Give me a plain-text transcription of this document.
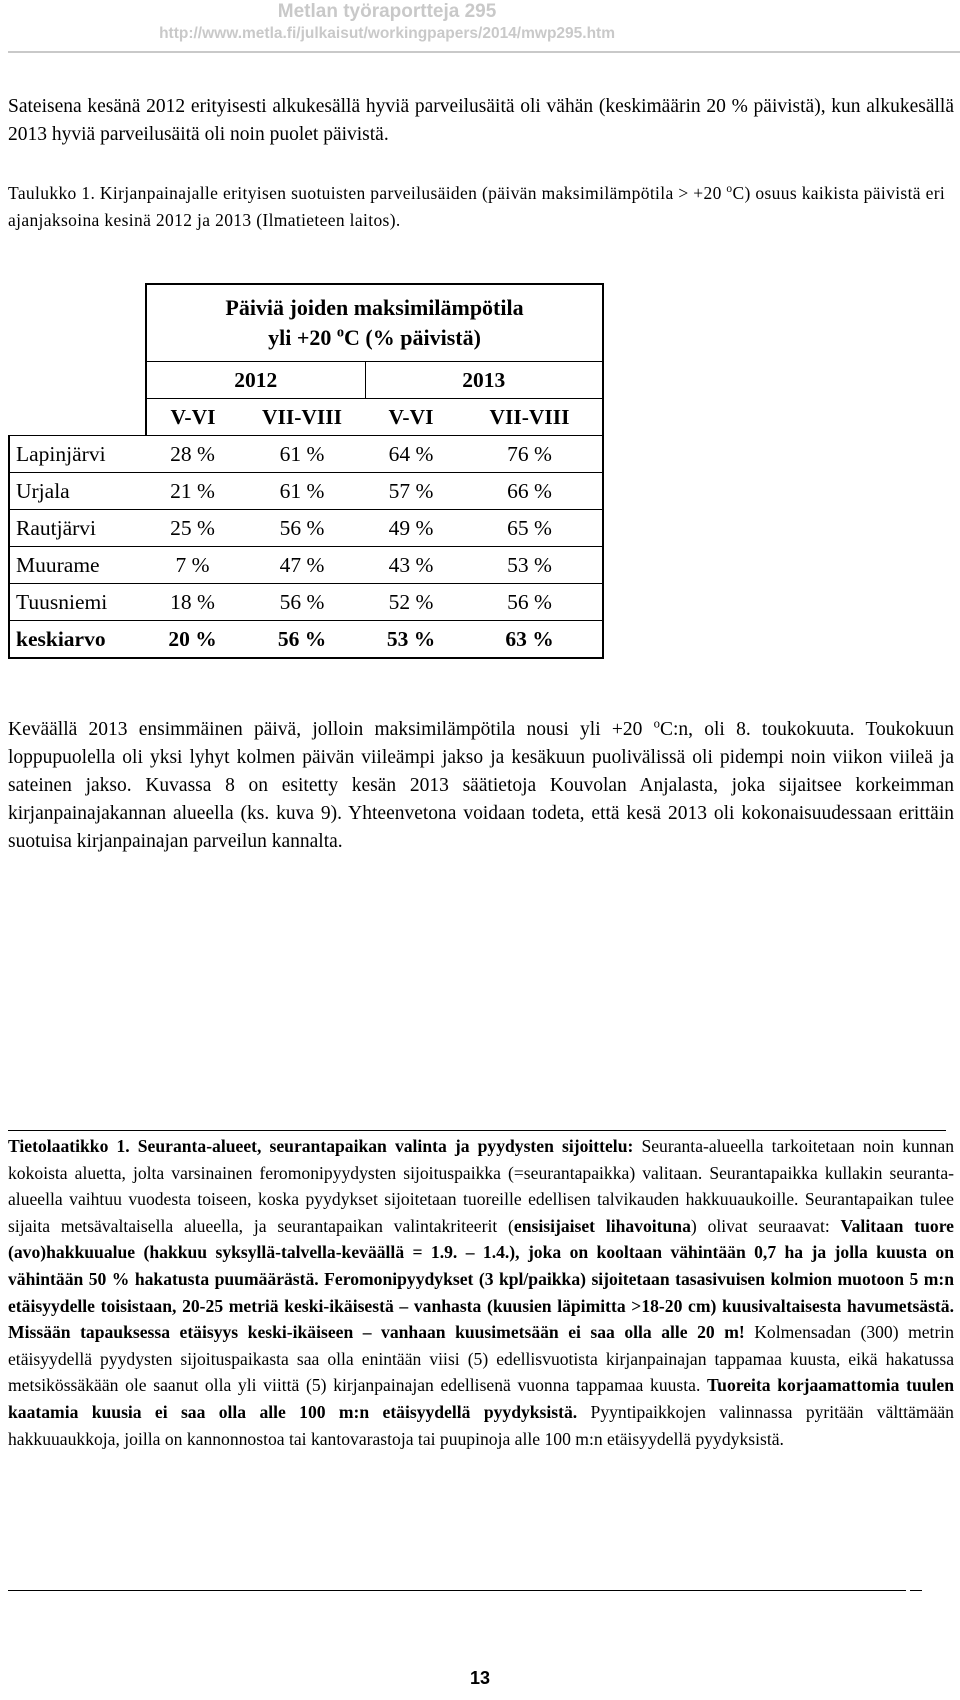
Metlan työraportteja 295
http://www.metla.fi/julkaisut/workingpapers/2014/mwp295.htm
Sateisena kesänä 2012 erityisesti alkukesällä hyviä parveilusäitä oli vähän (keskimäärin 20 % päivistä), kun alkukesällä 2013 hyviä parveilusäitä oli noin puolet päivistä.
Taulukko 1. Kirjanpainajalle erityisen suotuisten parveilusäiden (päivän maksimilämpötila > +20 $^o$C) osuus kaikista päivistä eri ajanjaksoina kesinä 2012 ja 2013 (Ilmatieteen laitos).

	Päiviä joiden maksimilämpötila
yli +20 $^o$C (% päivistä)			

	2012		2013	
	V-VI	VII-VIII	V-VI	VII-VIII
Lapinjärvi	28 %	61 %	64 %	76 %
Urjala	21 %	61 %	57 %	66 %
Rautjärvi	25 %	56 %	49 %	65 %
Muurame	7 %	47 %	43 %	53 %
Tuusniemi	18 %	56 %	52 %	56 %
keskiarvo	20 %	56 %	53 %	63 %
Keväällä 2013 ensimmäinen päivä, jolloin maksimilämpötila nousi yli +20 $^o$C:n, oli 8. toukokuuta. Toukokuun loppupuolella oli yksi lyhyt kolmen päivän viileämpi jakso ja kesäkuun puolivälissä oli pidempi noin viikon viileä ja sateinen jakso. Kuvassa 8 on esitetty kesän 2013 säätietoja Kouvolan Anjalasta, joka sijaitsee korkeimman kirjanpainajakannan alueella (ks. kuva 9). Yhteenvetona voidaan todeta, että kesä 2013 oli kokonaisuudessaan erittäin suotuisa kirjanpainajan parveilun kannalta.
Tietolaatikko 1. Seuranta-alueet, seurantapaikan valinta ja pyydysten sijoittelu: Seuranta-alueella tarkoitetaan noin kunnan kokoista aluetta, jolta varsinainen feromonipyydysten sijoituspaikka (=seurantapaikka) valitaan. Seurantapaikka kullakin seuranta-alueella vaihtuu vuodesta toiseen, koska pyydykset sijoitetaan tuoreille edellisen talvikauden hakkuuaukoille. Seurantapaikan tulee sijaita metsävaltaisella alueella, ja seurantapaikan valintakriteerit (ensisijaiset lihavoituna) olivat seuraavat: Valitaan tuore (avo)hakkuualue (hakkuu syksyllä-talvella-keväällä = 1.9. – 1.4.), joka on kooltaan vähintään 0,7 ha ja jolla kuusta on vähintään 50 % hakatusta puumäärästä. Feromonipyydykset (3 kpl/paikka) sijoitetaan tasasivuisen kolmion muotoon 5 m:n etäisyydelle toisistaan, 20-25 metriä keski-ikäisestä – vanhasta (kuusien läpimitta >18-20 cm) kuusivaltaisesta havumetsästä. Missään tapauksessa etäisyys keski-ikäiseen – vanhaan kuusimetsään ei saa olla alle 20 m! Kolmensadan (300) metrin etäisyydellä pyydysten sijoituspaikasta saa olla enintään viisi (5) edellisvuotista kirjanpainajan tappamaa kuusta, eikä hakatussa metsikössäkään ole saanut olla yli viittä (5) kirjanpainajan edellisenä vuonna tappamaa kuusta. Tuoreita korjaamattomia tuulen kaatamia kuusia ei saa olla alle 100 m:n etäisyydellä pyydyksistä. Pyyntipaikkojen valinnassa pyritään välttämään hakkuuaukkoja, joilla on kannonnostoa tai kantovarastoja tai puupinoja alle 100 m:n etäisyydellä pyydyksistä.
13
